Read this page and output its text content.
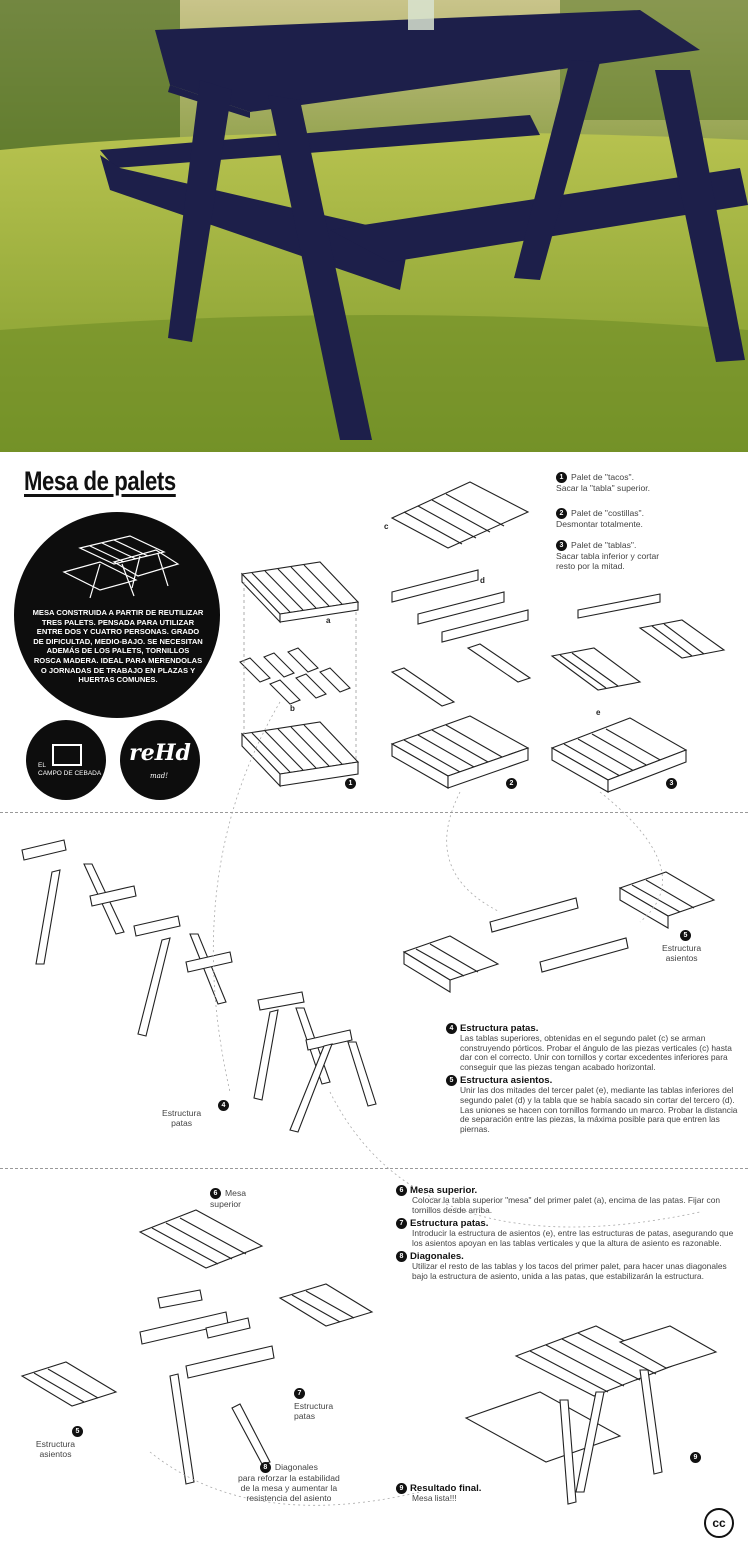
Mesa de palets
MESA CONSTRUIDA A PARTIR DE REUTILIZAR TRES PALETS. PENSADA PARA UTILIZAR ENTRE DOS Y CUATRO PERSONAS. GRADO DE DIFICULTAD, MEDIO-BAJO. SE NECESITAN ADEMÁS DE LOS PALETS, TORNILLOS ROSCA MADERA. IDEAL PARA MERENDOLAS O JORNADAS DE TRABAJO EN PLAZAS Y HUERTAS COMUNES.
EL
CAMPO DE CEBADA
reHd
mad!
1 Palet de "tacos".
Sacar la "tabla" superior.
2 Palet de "costillas".
Desmontar totalmente.
3 Palet de "tablas".
Sacar tabla inferior y cortar
resto por la mitad.
1	2	3
a
b
c
d
e
5
Estructura
asientos
4
Estructura
patas
6 Mesa
superior
7
Estructura
patas
5
Estructura
asientos
8 Diagonales
para reforzar la estabilidad
de la mesa y aumentar la
resistencia del asiento
4 Estructura patas.
Las tablas superiores, obtenidas en el segundo palet (c) se arman construyendo pórticos. Probar el ángulo de las piezas verticales (c) hasta dar con el correcto. Unir con tornillos y cortar excedentes inferiores para conseguir que las piezas tengan acabado horizontal.
5 Estructura asientos.
Unir las dos mitades del tercer palet (e), mediante las tablas inferiores del segundo palet (d) y la tabla que se había sacado sin cortar del tercero (d). Las uniones se hacen con tornillos formando un marco. Probar la distancia de separación entre las piezas, la máxima posible para que entren las piernas.
6 Mesa superior.
Colocar la tabla superior "mesa" del primer palet (a), encima de las patas. Fijar con tornillos desde arriba.
7 Estructura patas.
Introducir la estructura de asientos (e), entre las estructuras de patas, asegurando que los asientos apoyan en las tablas verticales y que la altura de asiento es razonable.
8 Diagonales.
Utilizar el resto de las tablas y los tacos del primer palet, para hacer unas diagonales bajo la estructura de asiento, unida a las patas, que estabilizarán la estructura.
9 Resultado final.
Mesa lista!!!
9
cc
